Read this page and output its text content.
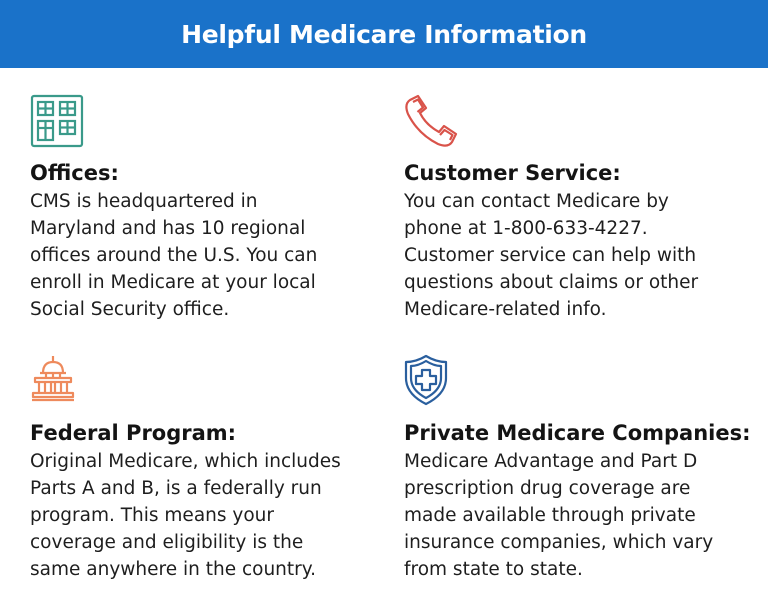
Helpful Medicare Information
Offices:
CMS is headquartered in
Maryland and has 10 regional
offices around the U.S. You can
enroll in Medicare at your local
Social Security office.
Customer Service:
You can contact Medicare by
phone at 1-800-633-4227.
Customer service can help with
questions about claims or other
Medicare-related info.
Federal Program:
Original Medicare, which includes
Parts A and B, is a federally run
program. This means your
coverage and eligibility is the
same anywhere in the country.
Private Medicare Companies:
Medicare Advantage and Part D
prescription drug coverage are
made available through private
insurance companies, which vary
from state to state.
